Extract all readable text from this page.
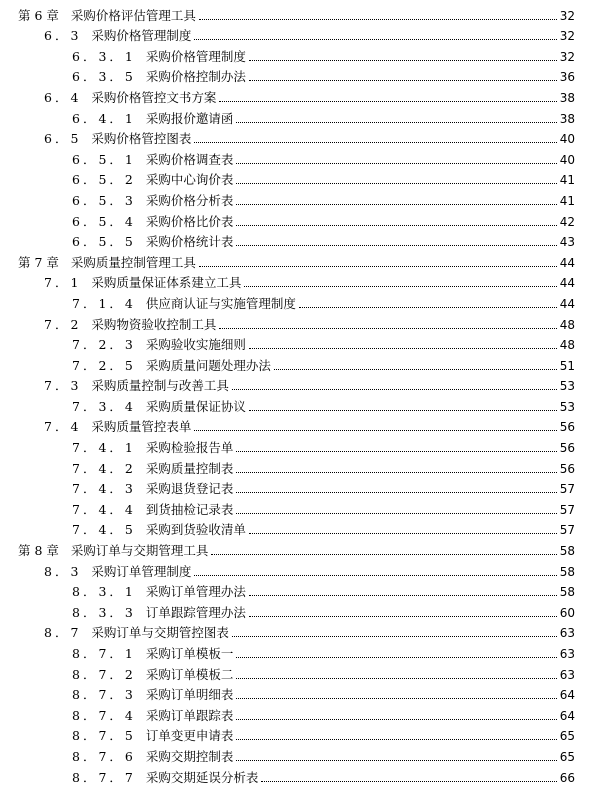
第 6 章 采购价格评估管理工具	32
6．3 采购价格管理制度	32
6．3．1 采购价格管理制度	32
6．3．5 采购价格控制办法	36
6．4 采购价格管控文书方案	38
6．4．1 采购报价邀请函	38
6．5 采购价格管控图表	40
6．5．1 采购价格调查表	40
6．5．2 采购中心询价表	41
6．5．3 采购价格分析表	41
6．5．4 采购价格比价表	42
6．5．5 采购价格统计表	43
第 7 章 采购质量控制管理工具	44
7．1 采购质量保证体系建立工具	44
7．1．4 供应商认证与实施管理制度	44
7．2 采购物资验收控制工具	48
7．2．3 采购验收实施细则	48
7．2．5 采购质量问题处理办法	51
7．3 采购质量控制与改善工具	53
7．3．4 采购质量保证协议	53
7．4 采购质量管控表单	56
7．4．1 采购检验报告单	56
7．4．2 采购质量控制表	56
7．4．3 采购退货登记表	57
7．4．4 到货抽检记录表	57
7．4．5 采购到货验收清单	57
第 8 章 采购订单与交期管理工具	58
8．3 采购订单管理制度	58
8．3．1 采购订单管理办法	58
8．3．3 订单跟踪管理办法	60
8．7 采购订单与交期管控图表	63
8．7．1 采购订单模板一	63
8．7．2 采购订单模板二	63
8．7．3 采购订单明细表	64
8．7．4 采购订单跟踪表	64
8．7．5 订单变更申请表	65
8．7．6 采购交期控制表	65
8．7．7 采购交期延误分析表	66
